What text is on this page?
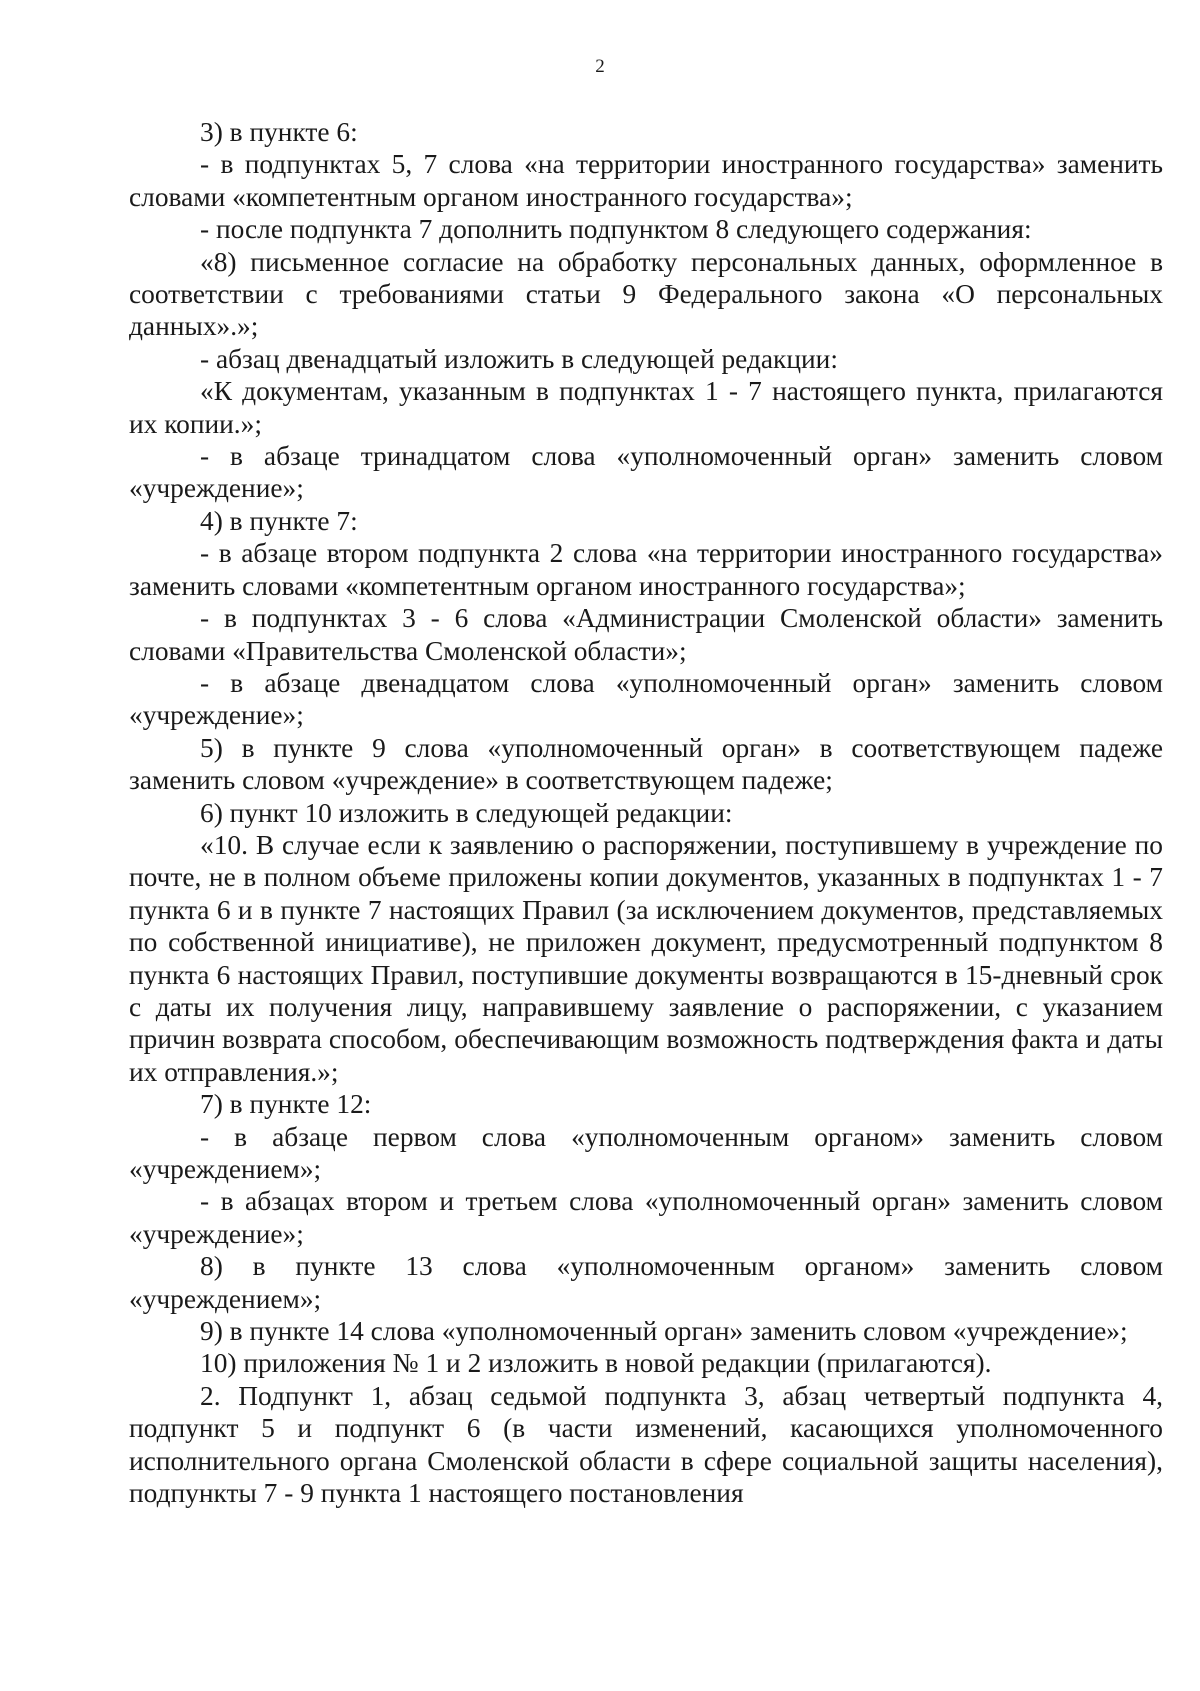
2

3) в пункте 6:

- в подпунктах 5, 7 слова «на территории иностранного государства» заменить словами «компетентным органом иностранного государства»;

- после подпункта 7 дополнить подпунктом 8 следующего содержания:

«8) письменное согласие на обработку персональных данных, оформленное в соответствии с требованиями статьи 9 Федерального закона «О персональных данных».»;

- абзац двенадцатый изложить в следующей редакции:

«К документам, указанным в подпунктах 1 - 7 настоящего пункта, прилагаются их копии.»;

- в абзаце тринадцатом слова «уполномоченный орган» заменить словом «учреждение»;

4) в пункте 7:

- в абзаце втором подпункта 2 слова «на территории иностранного государства» заменить словами «компетентным органом иностранного государства»;

- в подпунктах 3 - 6 слова «Администрации Смоленской области» заменить словами «Правительства Смоленской области»;

- в абзаце двенадцатом слова «уполномоченный орган» заменить словом «учреждение»;

5) в пункте 9 слова «уполномоченный орган» в соответствующем падеже заменить словом «учреждение» в соответствующем падеже;

6) пункт 10 изложить в следующей редакции:

«10. В случае если к заявлению о распоряжении, поступившему в учреждение по почте, не в полном объеме приложены копии документов, указанных в подпунктах 1 - 7 пункта 6 и в пункте 7 настоящих Правил (за исключением документов, представляемых по собственной инициативе), не приложен документ, предусмотренный подпунктом 8 пункта 6 настоящих Правил, поступившие документы возвращаются в 15-дневный срок с даты их получения лицу, направившему заявление о распоряжении, с указанием причин возврата способом, обеспечивающим возможность подтверждения факта и даты их отправления.»;

7) в пункте 12:

- в абзаце первом слова «уполномоченным органом» заменить словом «учреждением»;

- в абзацах втором и третьем слова «уполномоченный орган» заменить словом «учреждение»;

8) в пункте 13 слова «уполномоченным органом» заменить словом «учреждением»;

9) в пункте 14 слова «уполномоченный орган» заменить словом «учреждение»;

10) приложения № 1 и 2 изложить в новой редакции (прилагаются).

2. Подпункт 1, абзац седьмой подпункта 3, абзац четвертый подпункта 4, подпункт 5 и подпункт 6 (в части изменений, касающихся уполномоченного исполнительного органа Смоленской области в сфере социальной защиты населения), подпункты 7 - 9 пункта 1 настоящего постановления
